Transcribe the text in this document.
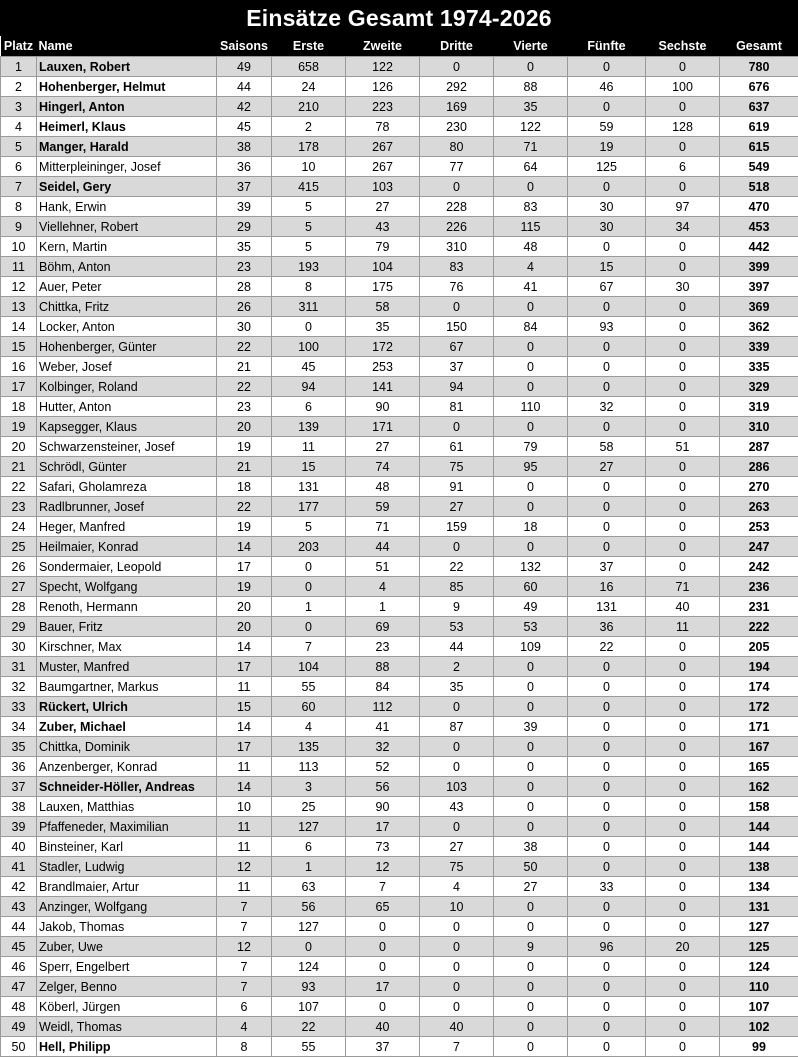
Einsätze Gesamt 1974-2026
Platz	Name	Saisons	Erste	Zweite	Dritte	Vierte	Fünfte	Sechste	Gesamt
1	Lauxen, Robert	49	658	122	0	0	0	0	780
2	Hohenberger, Helmut	44	24	126	292	88	46	100	676
3	Hingerl, Anton	42	210	223	169	35	0	0	637
4	Heimerl, Klaus	45	2	78	230	122	59	128	619
5	Manger, Harald	38	178	267	80	71	19	0	615
6	Mitterpleininger, Josef	36	10	267	77	64	125	6	549
7	Seidel, Gery	37	415	103	0	0	0	0	518
8	Hank, Erwin	39	5	27	228	83	30	97	470
9	Viellehner, Robert	29	5	43	226	115	30	34	453
10	Kern, Martin	35	5	79	310	48	0	0	442
11	Böhm, Anton	23	193	104	83	4	15	0	399
12	Auer, Peter	28	8	175	76	41	67	30	397
13	Chittka, Fritz	26	311	58	0	0	0	0	369
14	Locker, Anton	30	0	35	150	84	93	0	362
15	Hohenberger, Günter	22	100	172	67	0	0	0	339
16	Weber, Josef	21	45	253	37	0	0	0	335
17	Kolbinger, Roland	22	94	141	94	0	0	0	329
18	Hutter, Anton	23	6	90	81	110	32	0	319
19	Kapsegger, Klaus	20	139	171	0	0	0	0	310
20	Schwarzensteiner, Josef	19	11	27	61	79	58	51	287
21	Schrödl, Günter	21	15	74	75	95	27	0	286
22	Safari, Gholamreza	18	131	48	91	0	0	0	270
23	Radlbrunner, Josef	22	177	59	27	0	0	0	263
24	Heger, Manfred	19	5	71	159	18	0	0	253
25	Heilmaier, Konrad	14	203	44	0	0	0	0	247
26	Sondermaier, Leopold	17	0	51	22	132	37	0	242
27	Specht, Wolfgang	19	0	4	85	60	16	71	236
28	Renoth, Hermann	20	1	1	9	49	131	40	231
29	Bauer, Fritz	20	0	69	53	53	36	11	222
30	Kirschner, Max	14	7	23	44	109	22	0	205
31	Muster, Manfred	17	104	88	2	0	0	0	194
32	Baumgartner, Markus	11	55	84	35	0	0	0	174
33	Rückert, Ulrich	15	60	112	0	0	0	0	172
34	Zuber, Michael	14	4	41	87	39	0	0	171
35	Chittka, Dominik	17	135	32	0	0	0	0	167
36	Anzenberger, Konrad	11	113	52	0	0	0	0	165
37	Schneider-Höller, Andreas	14	3	56	103	0	0	0	162
38	Lauxen, Matthias	10	25	90	43	0	0	0	158
39	Pfaffeneder, Maximilian	11	127	17	0	0	0	0	144
40	Binsteiner, Karl	11	6	73	27	38	0	0	144
41	Stadler, Ludwig	12	1	12	75	50	0	0	138
42	Brandlmaier, Artur	11	63	7	4	27	33	0	134
43	Anzinger, Wolfgang	7	56	65	10	0	0	0	131
44	Jakob, Thomas	7	127	0	0	0	0	0	127
45	Zuber, Uwe	12	0	0	0	9	96	20	125
46	Sperr, Engelbert	7	124	0	0	0	0	0	124
47	Zelger, Benno	7	93	17	0	0	0	0	110
48	Köberl, Jürgen	6	107	0	0	0	0	0	107
49	Weidl, Thomas	4	22	40	40	0	0	0	102
50	Hell, Philipp	8	55	37	7	0	0	0	99
